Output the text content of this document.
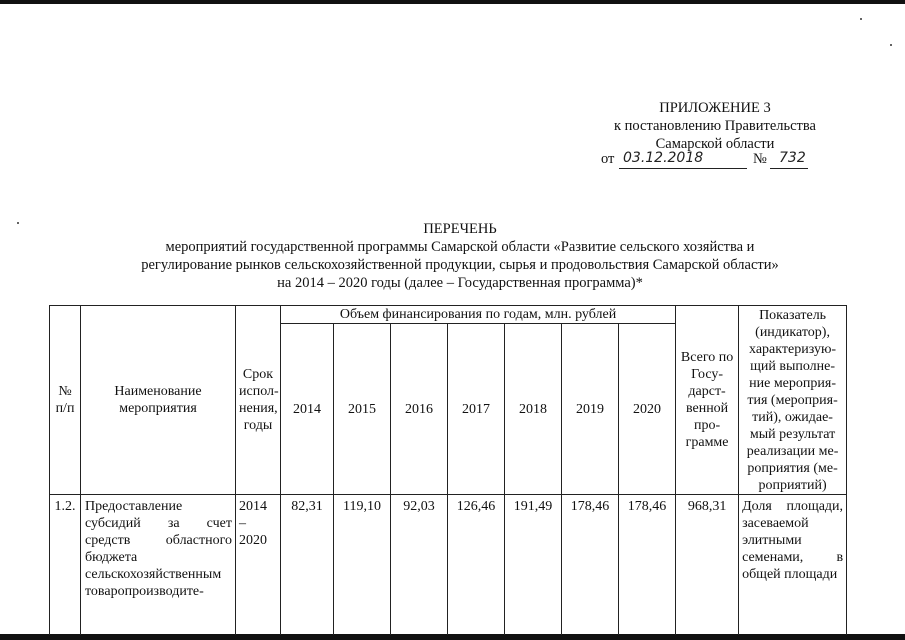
ПРИЛОЖЕНИЕ 3
к постановлению Правительства
Самарской области
от 03.12.2018	№ 732
ПЕРЕЧЕНЬ
мероприятий государственной программы Самарской области «Развитие сельского хозяйства и
регулирование рынков сельскохозяйственной продукции, сырья и продовольствия Самарской области»
на 2014 – 2020 годы (далее – Государственная программа)*
№ п/п	Наименование мероприятия	Срок испол-нения, годы	Объем финансирования по годам, млн. рублей							Всего по Госу-дарст-венной про-грамме	Показатель (индикатор), характеризую-щий выполне-ние мероприя-тия (мероприя-тий), ожидае-мый результат реализации ме-роприятия (ме-роприятий)
			2014	2015	2016	2017	2018	2019	2020		
1.2.	Предоставление субсидий за счет средств областного бюджета сельскохозяйственным товаропроизводите-	2014 – 2020	82,31	119,10	92,03	126,46	191,49	178,46	178,46	968,31	Доля площади, засеваемой элитными семенами, в общей площади
